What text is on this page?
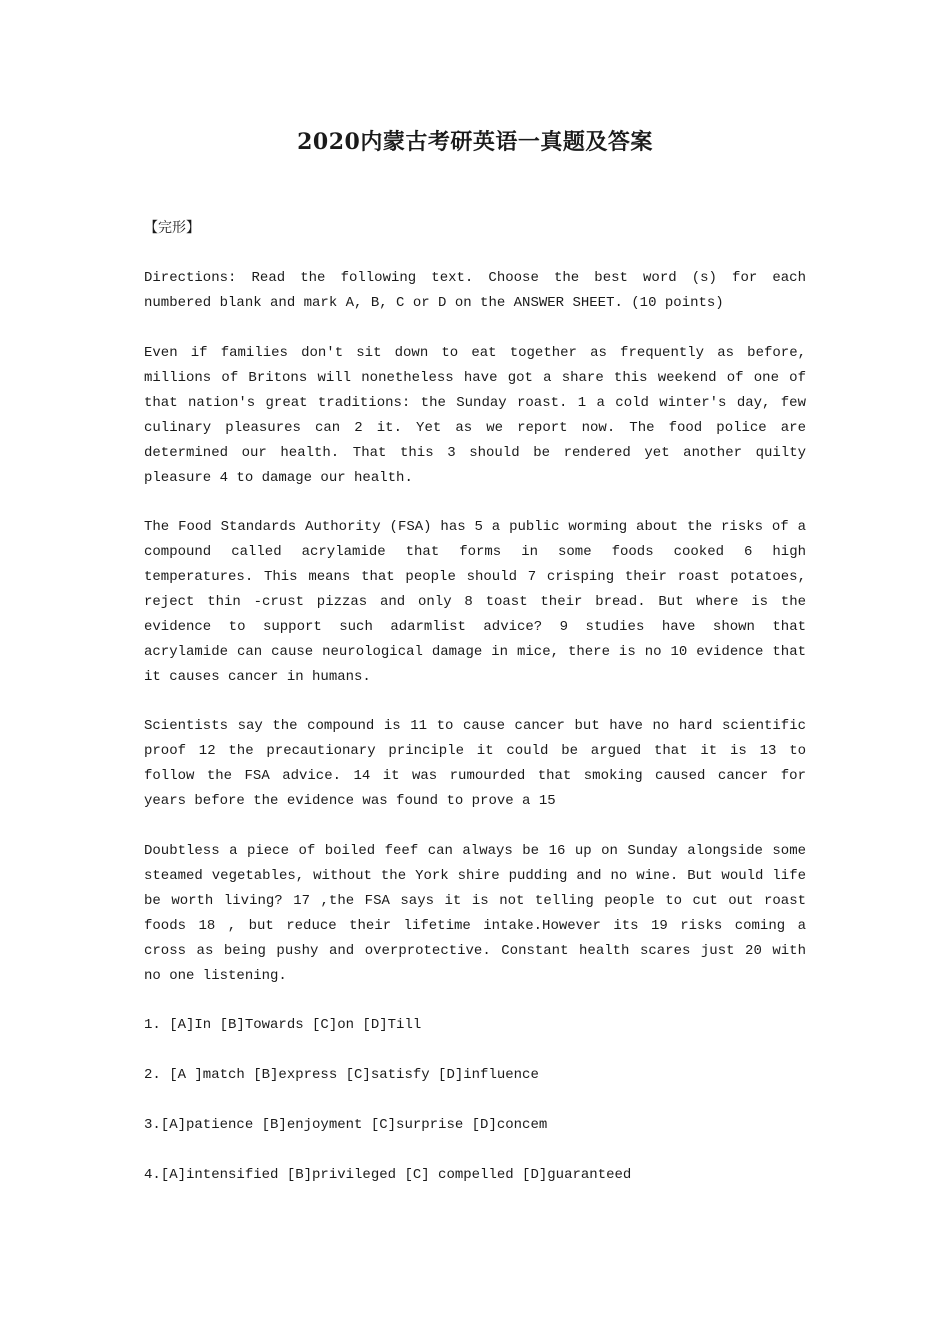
2020内蒙古考研英语一真题及答案
【完形】

Directions: Read the following text. Choose the best word (s) for each numbered blank and mark A, B, C or D on the ANSWER SHEET. (10 points)

Even if families don't sit down to eat together as frequently as before, millions of Britons will nonetheless have got a share this weekend of one of that nation's great traditions: the Sunday roast. 1 a cold winter's day, few culinary pleasures can 2 it. Yet as we report now. The food police are determined our health. That this 3 should be rendered yet another quilty pleasure 4 to damage our health.

The Food Standards Authority (FSA) has 5 a public worming about the risks of a compound called acrylamide that forms in some foods cooked 6 high temperatures. This means that people should 7 crisping their roast potatoes, reject thin -crust pizzas and only 8 toast their bread. But where is the evidence to support such adarmlist advice? 9 studies have shown that acrylamide can cause neurological damage in mice, there is no 10 evidence that it causes cancer in humans.

Scientists say the compound is 11 to cause cancer but have no hard scientific proof 12 the precautionary principle it could be argued that it is 13 to follow the FSA advice. 14 it was rumourded that smoking caused cancer for years before the evidence was found to prove a 15

Doubtless a piece of boiled feef can always be 16 up on Sunday alongside some steamed vegetables, without the York shire pudding and no wine. But would life be worth living? 17 ,the FSA says it is not telling people to cut out roast foods 18 , but reduce their lifetime intake.However its 19 risks coming a cross as being pushy and overprotective. Constant health scares just 20 with no one listening.

1. [A]In [B]Towards [C]on [D]Till

2. [A ]match [B]express [C]satisfy [D]influence

3.[A]patience [B]enjoyment [C]surprise [D]concem

4.[A]intensified [B]privileged [C] compelled [D]guaranteed
